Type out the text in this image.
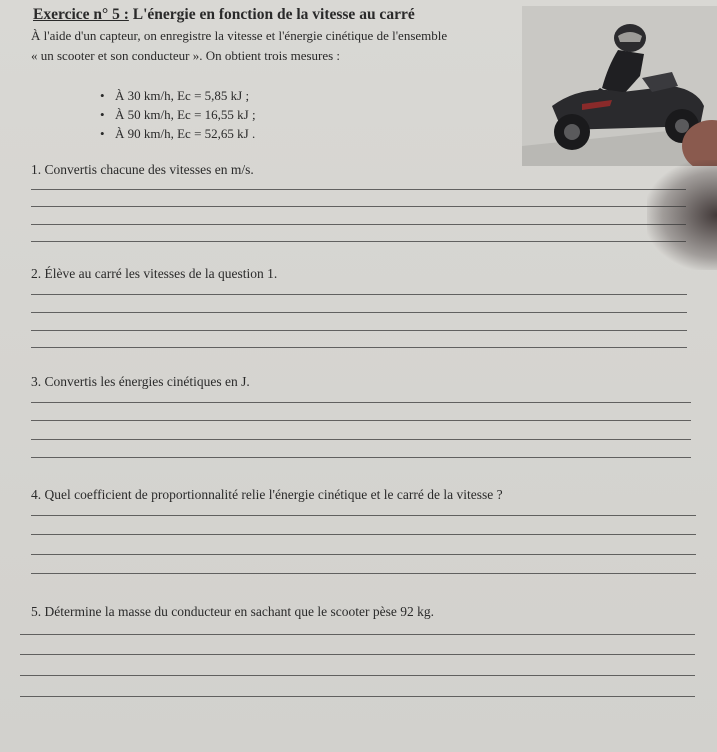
Exercice n° 5 : L'énergie en fonction de la vitesse au carré
À l'aide d'un capteur, on enregistre la vitesse et l'énergie cinétique de l'ensemble
« un scooter et son conducteur ». On obtient trois mesures :
• À 30 km/h, Ec = 5,85 kJ ;
• À 50 km/h, Ec = 16,55 kJ ;
• À 90 km/h, Ec = 52,65 kJ .
1. Convertis chacune des vitesses en m/s.
2. Élève au carré les vitesses de la question 1.
3. Convertis les énergies cinétiques en J.
4. Quel coefficient de proportionnalité relie l'énergie cinétique et le carré de la vitesse ?
5. Détermine la masse du conducteur en sachant que le scooter pèse 92 kg.
